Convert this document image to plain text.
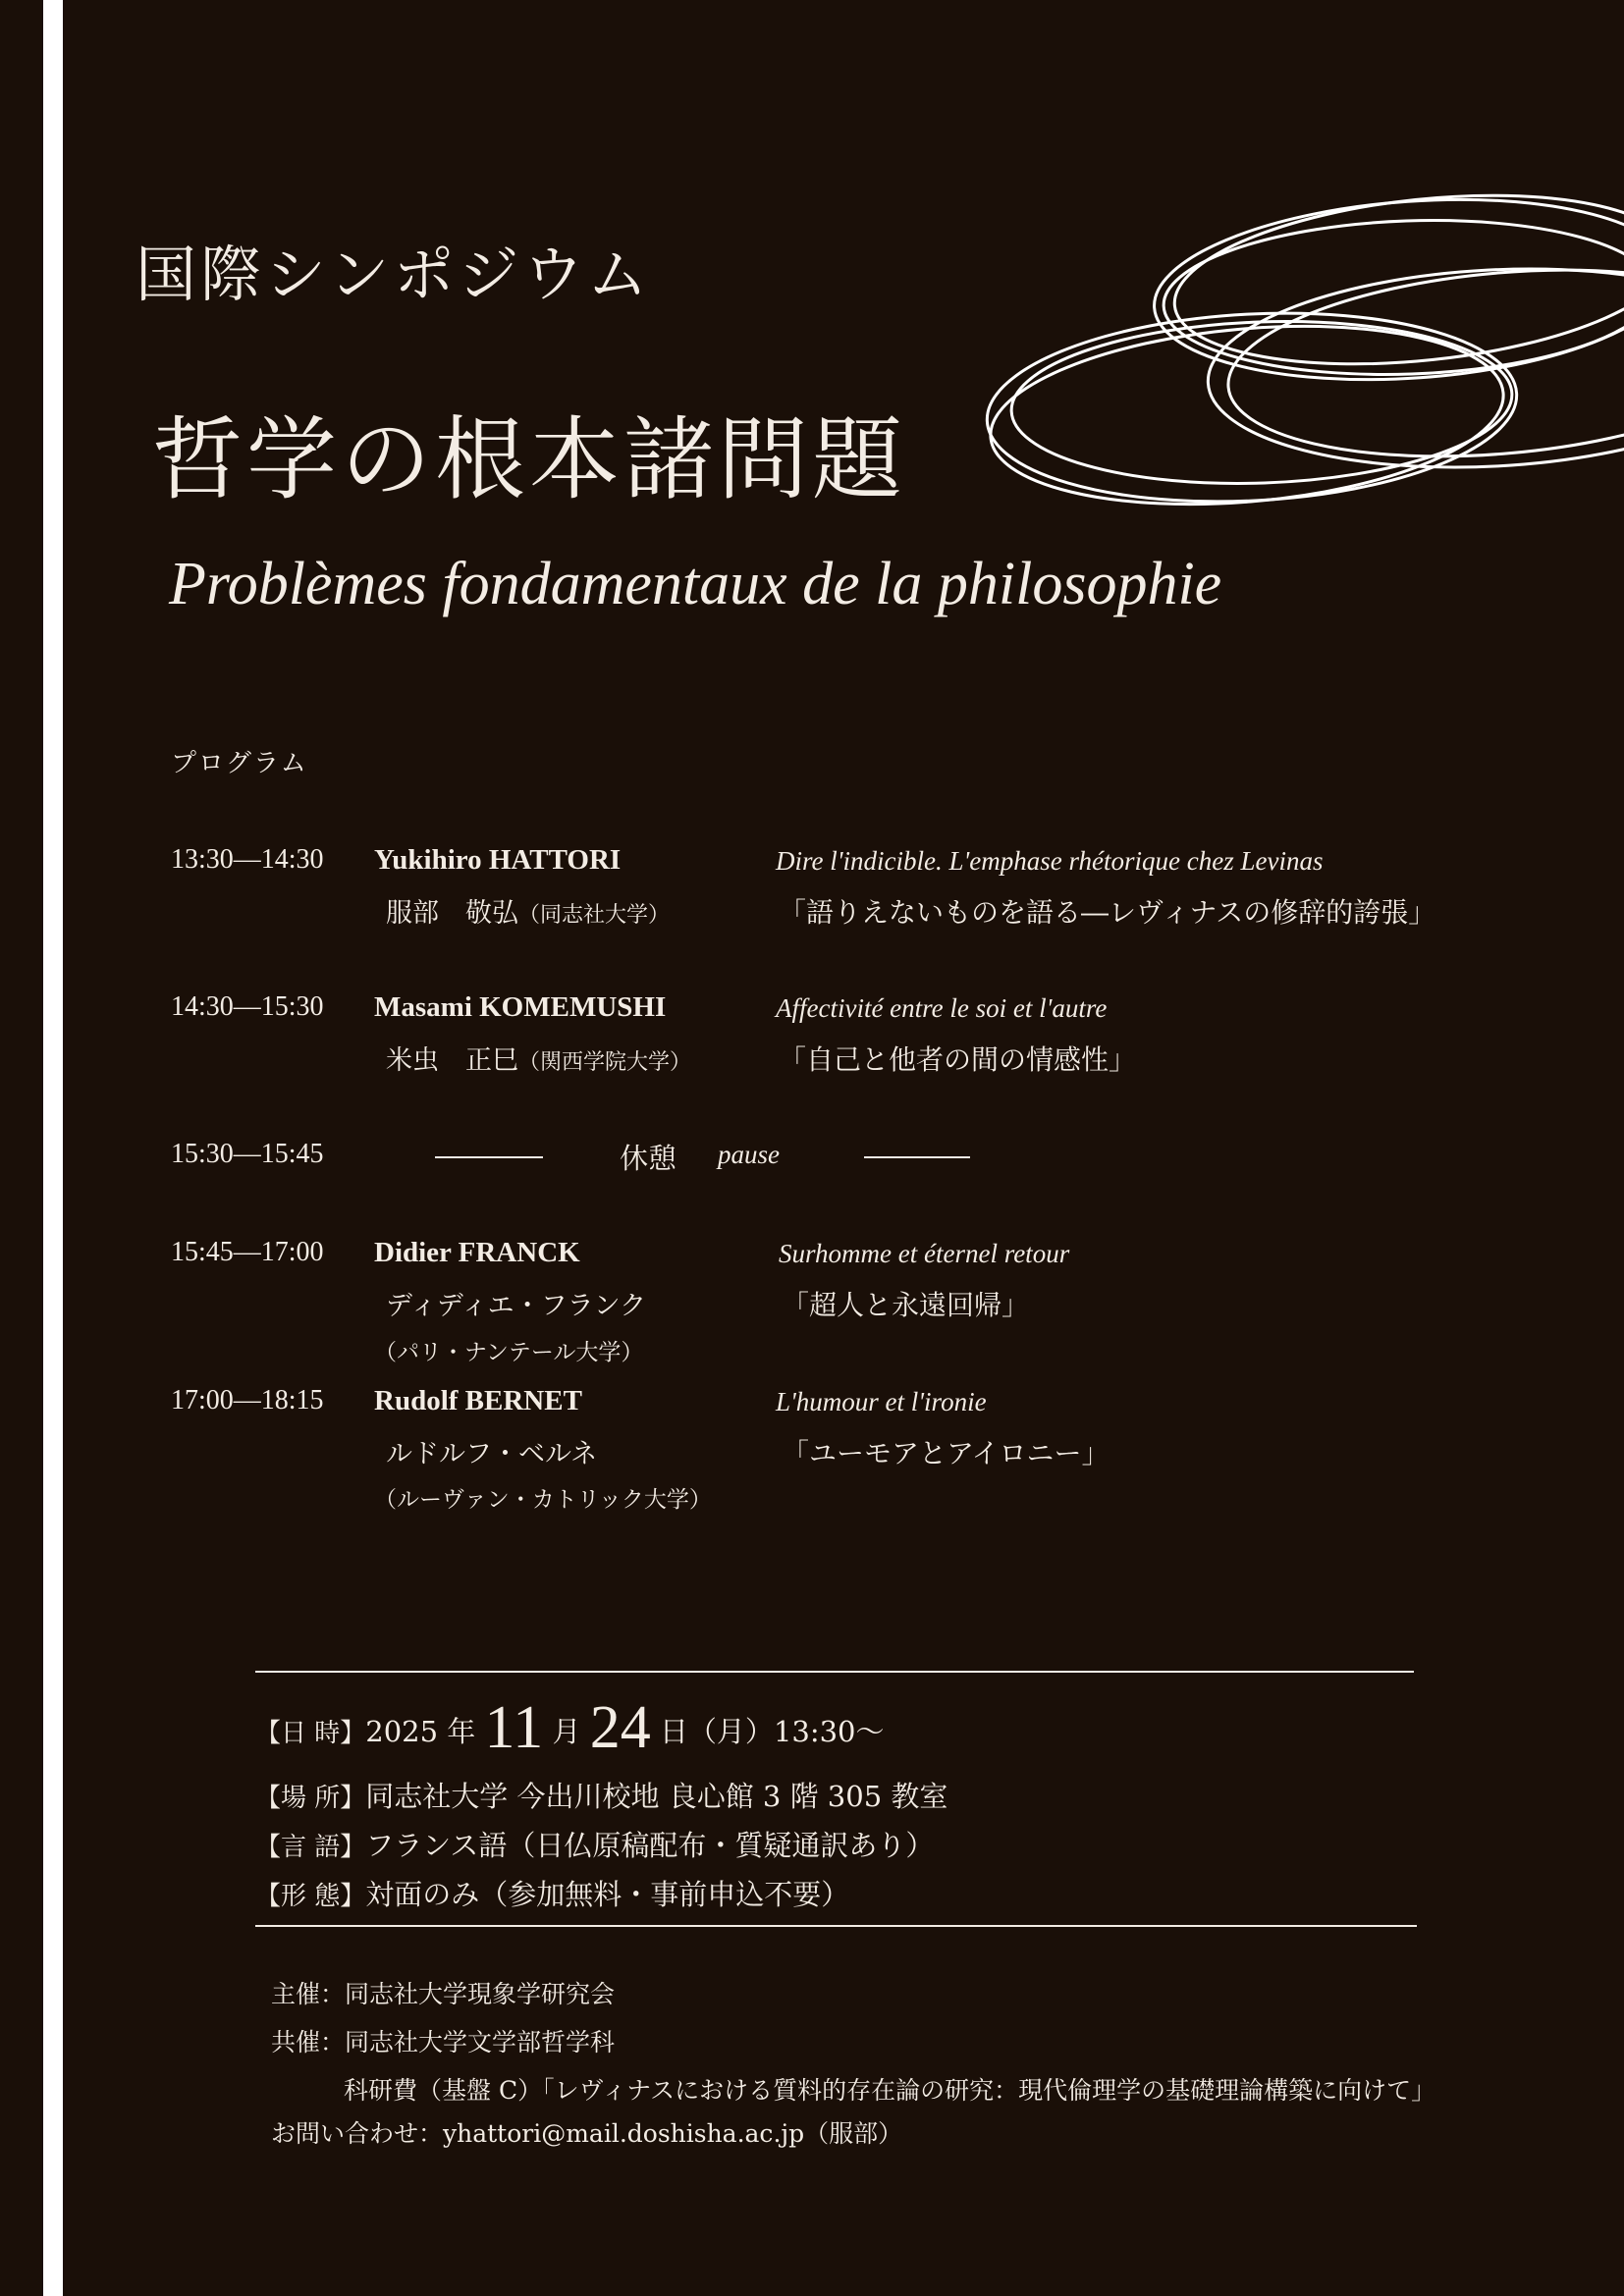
国際シンポジウム
哲学の根本諸問題
Problèmes fondamentaux de la philosophie
プログラム
13:30—14:30 Yukihiro HATTORI	Dire l'indicible. L'emphase rhétorique chez Levinas
服部　敬弘（同志社大学）	「語りえないものを語る―レヴィナスの修辞的誇張」
14:30—15:30 Masami KOMEMUSHI	Affectivité entre le soi et l'autre
米虫　正巳（関西学院大学）	「自己と他者の間の情感性」
15:30—15:45	休憩 pause
15:45—17:00 Didier FRANCK	Surhomme et éternel retour
ディディエ・フランク	「超人と永遠回帰」
（パリ・ナンテール大学）
17:00—18:15 Rudolf BERNET	L'humour et l'ironie
ルドルフ・ベルネ	「ユーモアとアイロニー」
（ルーヴァン・カトリック大学）
【日 時】2025 年 11 月 24 日（月）13:30～
【場 所】同志社大学 今出川校地 良心館 3 階 305 教室
【言 語】フランス語（日仏原稿配布・質疑通訳あり）
【形 態】対面のみ（参加無料・事前申込不要）
主催：同志社大学現象学研究会
共催：同志社大学文学部哲学科
科研費（基盤 C）「レヴィナスにおける質料的存在論の研究：現代倫理学の基礎理論構築に向けて」
お問い合わせ：yhattori@mail.doshisha.ac.jp（服部）
